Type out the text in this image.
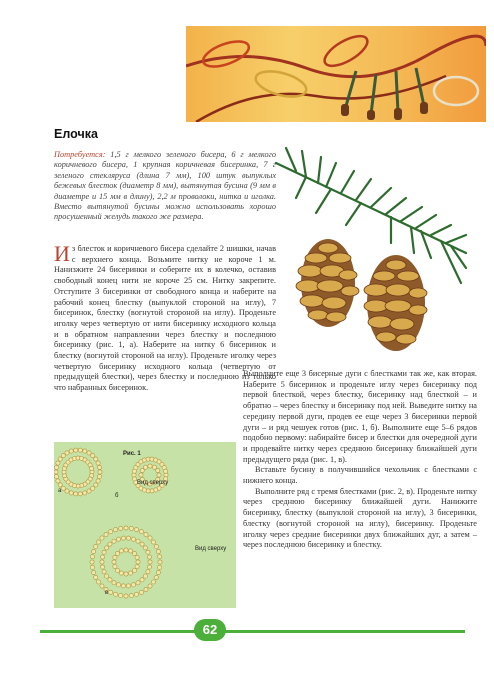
Елочка
Потребуется: 1,5 г мелкого зеленого бисера, 6 г мелкого коричневого бисера, 1 крупная коричневая бисеринка, 7 г зеленого стекляруса (длина 7 мм), 100 штук выпуклых бежевых блесток (диаметр 8 мм), вытянутая бусина (9 мм в диаметре и 15 мм в длину), 2,2 м проволоки, нитка и иголка. Вместо вытянутой бусины можно использовать хорошо просушенный желудь такого же размера.
Из блесток и коричневого бисера сделайте 2 шишки, начав с верхнего конца. Возьмите нитку не короче 1 м. Нанизжите 24 бисеринки и соберите их в колечко, оставив свободный конец нити не короче 25 см. Нитку закрепите. Отступите 3 бисеринки от свободного конца и наберите на рабочий конец блестку (выпуклой стороной на иглу), 7 бисеринок, блестку (вогнутой стороной на иглу). Проденьте иголку через четвертую от нити бисеринку исходного кольца и в обратном направлении через блестку и последнюю бисеринку (рис. 1, а). Наберите на нитку 6 бисеринок и блестку (вогнутой стороной на иглу). Проденьте иголку через четвертую бисеринку исходного кольца (четвертую от предыдущей блестки), через блестку и последнюю из только что набранных бисеринок.

Выполните еще 3 бисерные дуги с блестками так же, как вторая. Наберите 5 бисеринок и проденьте иглу через бисеринку под первой блесткой, через блестку, бисеринку над блесткой – и обратно – через блестку и бисеринку под ней. Выведите нитку на середину первой дуги, продев ее еще через 3 бисеринки первой дуги – и ряд чешуек готов (рис. 1, б). Выполните еще 5–6 рядов подобно первому: набирайте бисер и блестки для очередной дуги и продевайте нитку через среднюю бисеринку ближайшей дуги предыдущего ряда (рис. 1, в).

Вставьте бусину в получившийся чехольчик с блестками с нижнего конца.

Выполните ряд с тремя блестками (рис. 2, в). Проденьте нитку через среднюю бисеринку ближайшей дуги. Нанижите бисеринку, блестку (выпуклой стороной на иглу), 3 бисеринки, блестку (вогнутой стороной на иглу), бисеринку. Проденьте иголку через средние бисеринки двух ближайших дуг, а затем – через последнюю бисеринку и блестку.

Рис. 1
а
б
в
Вид сверху
Вид сверху
62
